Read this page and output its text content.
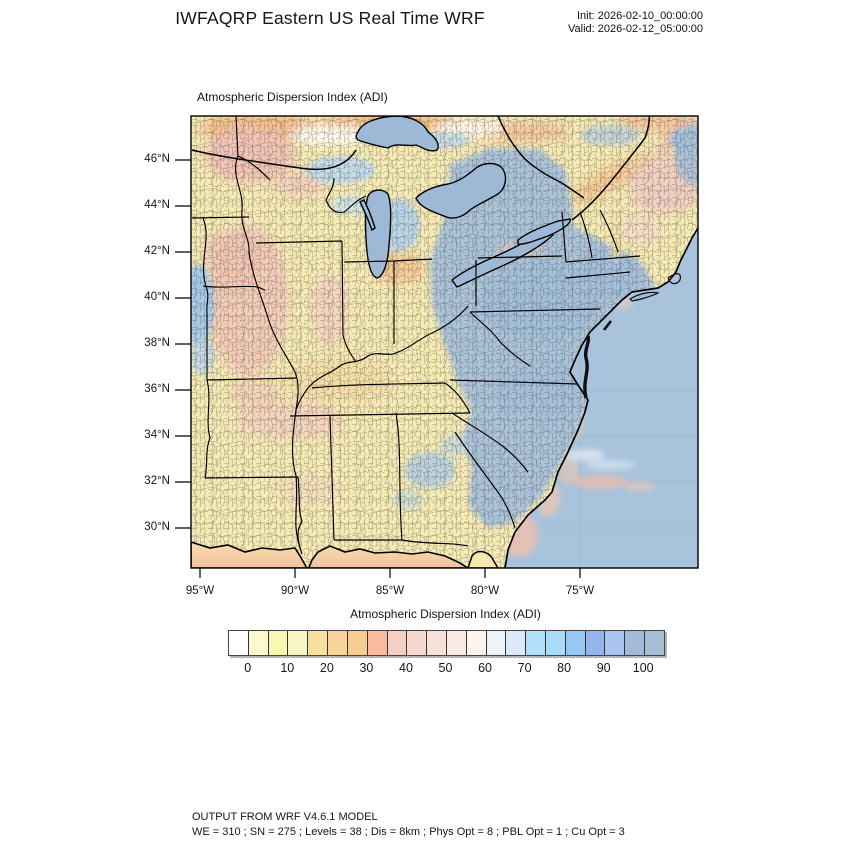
IWFAQRP Eastern US Real Time WRF	Init: 2026-02-10_00:00:00
Valid: 2026-02-12_05:00:00
Atmospheric Dispersion Index (ADI)
46°N
44°N
42°N
40°N
38°N
36°N
34°N
32°N
30°N
95°W	90°W	85°W	80°W	75°W
Atmospheric Dispersion Index (ADI)
0	10	20	30	40	50	60	70	80	90	100
OUTPUT FROM WRF V4.6.1 MODEL
WE = 310 ; SN = 275 ; Levels = 38 ; Dis = 8km ; Phys Opt = 8 ; PBL Opt = 1 ; Cu Opt = 3
